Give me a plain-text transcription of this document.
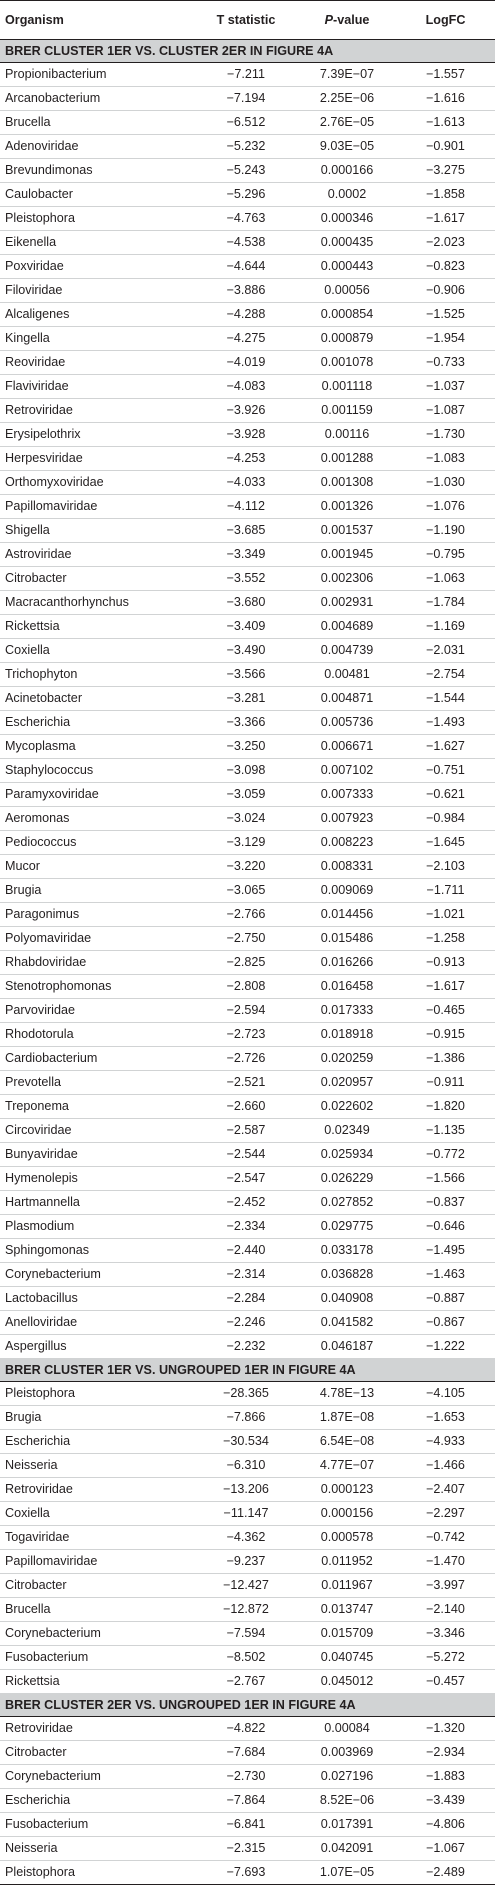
Organism	T statistic	P-value	LogFC
BRER CLUSTER 1ER VS. CLUSTER 2ER IN FIGURE 4A			
Propionibacterium	−7.211	7.39E−07	−1.557
Arcanobacterium	−7.194	2.25E−06	−1.616
Brucella	−6.512	2.76E−05	−1.613
Adenoviridae	−5.232	9.03E−05	−0.901
Brevundimonas	−5.243	0.000166	−3.275
Caulobacter	−5.296	0.0002	−1.858
Pleistophora	−4.763	0.000346	−1.617
Eikenella	−4.538	0.000435	−2.023
Poxviridae	−4.644	0.000443	−0.823
Filoviridae	−3.886	0.00056	−0.906
Alcaligenes	−4.288	0.000854	−1.525
Kingella	−4.275	0.000879	−1.954
Reoviridae	−4.019	0.001078	−0.733
Flaviviridae	−4.083	0.001118	−1.037
Retroviridae	−3.926	0.001159	−1.087
Erysipelothrix	−3.928	0.00116	−1.730
Herpesviridae	−4.253	0.001288	−1.083
Orthomyxoviridae	−4.033	0.001308	−1.030
Papillomaviridae	−4.112	0.001326	−1.076
Shigella	−3.685	0.001537	−1.190
Astroviridae	−3.349	0.001945	−0.795
Citrobacter	−3.552	0.002306	−1.063
Macracanthorhynchus	−3.680	0.002931	−1.784
Rickettsia	−3.409	0.004689	−1.169
Coxiella	−3.490	0.004739	−2.031
Trichophyton	−3.566	0.00481	−2.754
Acinetobacter	−3.281	0.004871	−1.544
Escherichia	−3.366	0.005736	−1.493
Mycoplasma	−3.250	0.006671	−1.627
Staphylococcus	−3.098	0.007102	−0.751
Paramyxoviridae	−3.059	0.007333	−0.621
Aeromonas	−3.024	0.007923	−0.984
Pediococcus	−3.129	0.008223	−1.645
Mucor	−3.220	0.008331	−2.103
Brugia	−3.065	0.009069	−1.711
Paragonimus	−2.766	0.014456	−1.021
Polyomaviridae	−2.750	0.015486	−1.258
Rhabdoviridae	−2.825	0.016266	−0.913
Stenotrophomonas	−2.808	0.016458	−1.617
Parvoviridae	−2.594	0.017333	−0.465
Rhodotorula	−2.723	0.018918	−0.915
Cardiobacterium	−2.726	0.020259	−1.386
Prevotella	−2.521	0.020957	−0.911
Treponema	−2.660	0.022602	−1.820
Circoviridae	−2.587	0.02349	−1.135
Bunyaviridae	−2.544	0.025934	−0.772
Hymenolepis	−2.547	0.026229	−1.566
Hartmannella	−2.452	0.027852	−0.837
Plasmodium	−2.334	0.029775	−0.646
Sphingomonas	−2.440	0.033178	−1.495
Corynebacterium	−2.314	0.036828	−1.463
Lactobacillus	−2.284	0.040908	−0.887
Anelloviridae	−2.246	0.041582	−0.867
Aspergillus	−2.232	0.046187	−1.222
BRER CLUSTER 1ER VS. UNGROUPED 1ER IN FIGURE 4A			
Pleistophora	−28.365	4.78E−13	−4.105
Brugia	−7.866	1.87E−08	−1.653
Escherichia	−30.534	6.54E−08	−4.933
Neisseria	−6.310	4.77E−07	−1.466
Retroviridae	−13.206	0.000123	−2.407
Coxiella	−11.147	0.000156	−2.297
Togaviridae	−4.362	0.000578	−0.742
Papillomaviridae	−9.237	0.011952	−1.470
Citrobacter	−12.427	0.011967	−3.997
Brucella	−12.872	0.013747	−2.140
Corynebacterium	−7.594	0.015709	−3.346
Fusobacterium	−8.502	0.040745	−5.272
Rickettsia	−2.767	0.045012	−0.457
BRER CLUSTER 2ER VS. UNGROUPED 1ER IN FIGURE 4A			
Retroviridae	−4.822	0.00084	−1.320
Citrobacter	−7.684	0.003969	−2.934
Corynebacterium	−2.730	0.027196	−1.883
Escherichia	−7.864	8.52E−06	−3.439
Fusobacterium	−6.841	0.017391	−4.806
Neisseria	−2.315	0.042091	−1.067
Pleistophora	−7.693	1.07E−05	−2.489
